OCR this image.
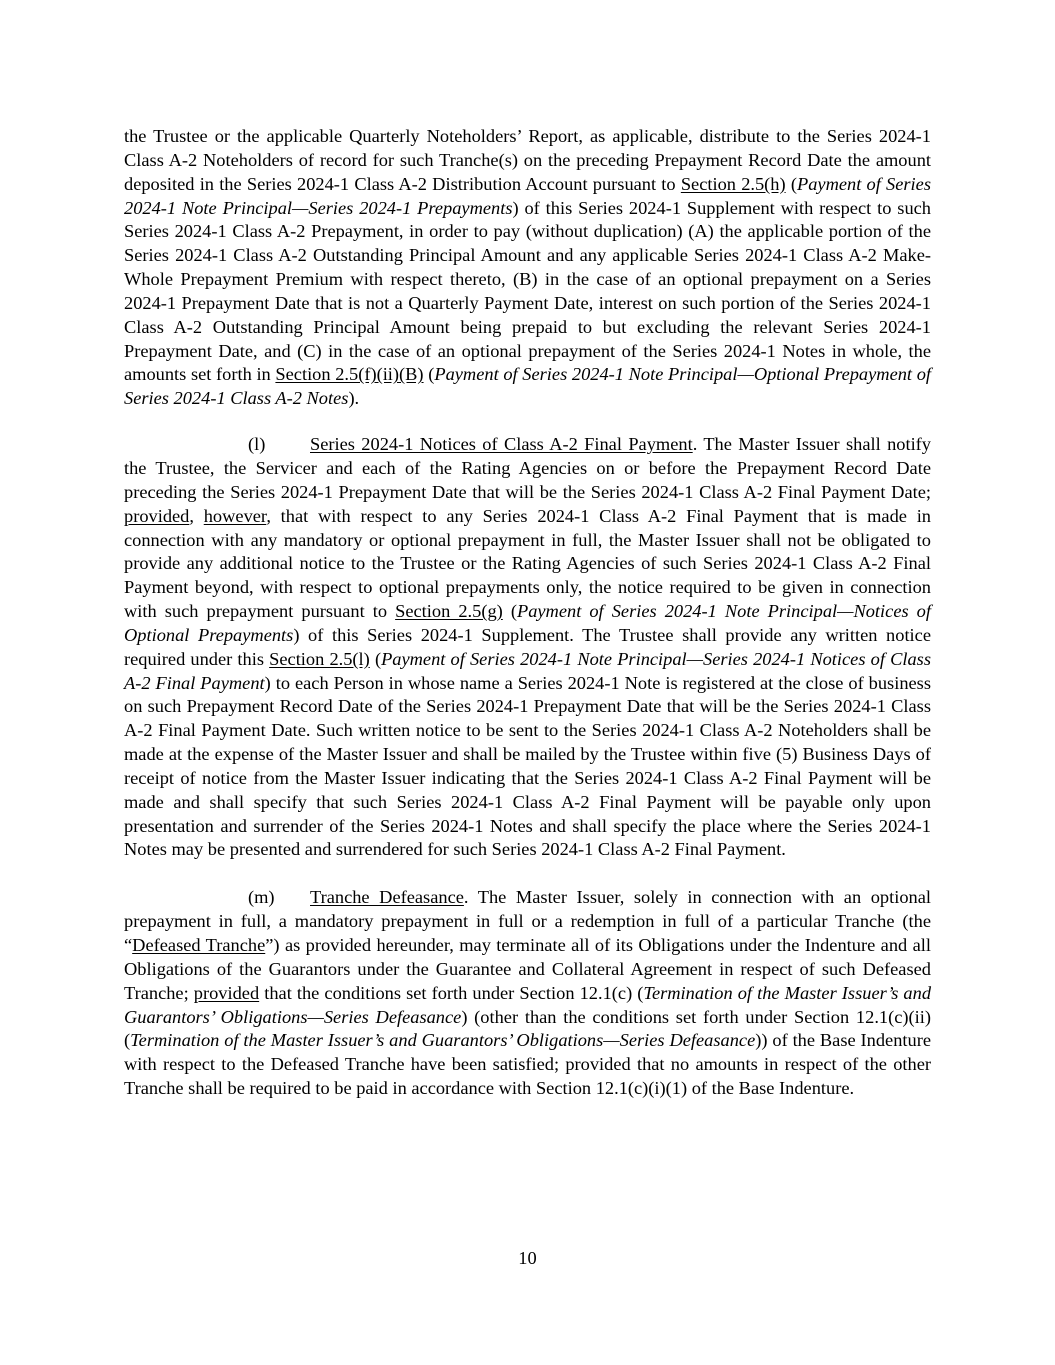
the Trustee or the applicable Quarterly Noteholders’ Report, as applicable, distribute to the Series 2024-1 Class A-2 Noteholders of record for such Tranche(s) on the preceding Prepayment Record Date the amount deposited in the Series 2024-1 Class A-2 Distribution Account pursuant to Section 2.5(h) (Payment of Series 2024-1 Note Principal—Series 2024-1 Prepayments) of this Series 2024-1 Supplement with respect to such Series 2024-1 Class A-2 Prepayment, in order to pay (without duplication) (A) the applicable portion of the Series 2024-1 Class A-2 Outstanding Principal Amount and any applicable Series 2024-1 Class A-2 Make-Whole Prepayment Premium with respect thereto, (B) in the case of an optional prepayment on a Series 2024-1 Prepayment Date that is not a Quarterly Payment Date, interest on such portion of the Series 2024-1 Class A-2 Outstanding Principal Amount being prepaid to but excluding the relevant Series 2024-1 Prepayment Date, and (C) in the case of an optional prepayment of the Series 2024-1 Notes in whole, the amounts set forth in Section 2.5(f)(ii)(B) (Payment of Series 2024-1 Note Principal—Optional Prepayment of Series 2024-1 Class A-2 Notes).

(l) Series 2024-1 Notices of Class A-2 Final Payment. The Master Issuer shall notify the Trustee, the Servicer and each of the Rating Agencies on or before the Prepayment Record Date preceding the Series 2024-1 Prepayment Date that will be the Series 2024-1 Class A-2 Final Payment Date; provided, however, that with respect to any Series 2024-1 Class A-2 Final Payment that is made in connection with any mandatory or optional prepayment in full, the Master Issuer shall not be obligated to provide any additional notice to the Trustee or the Rating Agencies of such Series 2024-1 Class A-2 Final Payment beyond, with respect to optional prepayments only, the notice required to be given in connection with such prepayment pursuant to Section 2.5(g) (Payment of Series 2024-1 Note Principal—Notices of Optional Prepayments) of this Series 2024-1 Supplement. The Trustee shall provide any written notice required under this Section 2.5(l) (Payment of Series 2024-1 Note Principal—Series 2024-1 Notices of Class A-2 Final Payment) to each Person in whose name a Series 2024-1 Note is registered at the close of business on such Prepayment Record Date of the Series 2024-1 Prepayment Date that will be the Series 2024-1 Class A-2 Final Payment Date. Such written notice to be sent to the Series 2024-1 Class A-2 Noteholders shall be made at the expense of the Master Issuer and shall be mailed by the Trustee within five (5) Business Days of receipt of notice from the Master Issuer indicating that the Series 2024-1 Class A-2 Final Payment will be made and shall specify that such Series 2024-1 Class A-2 Final Payment will be payable only upon presentation and surrender of the Series 2024-1 Notes and shall specify the place where the Series 2024-1 Notes may be presented and surrendered for such Series 2024-1 Class A-2 Final Payment.

(m) Tranche Defeasance. The Master Issuer, solely in connection with an optional prepayment in full, a mandatory prepayment in full or a redemption in full of a particular Tranche (the “Defeased Tranche”) as provided hereunder, may terminate all of its Obligations under the Indenture and all Obligations of the Guarantors under the Guarantee and Collateral Agreement in respect of such Defeased Tranche; provided that the conditions set forth under Section 12.1(c) (Termination of the Master Issuer’s and Guarantors’ Obligations—Series Defeasance) (other than the conditions set forth under Section 12.1(c)(ii) (Termination of the Master Issuer’s and Guarantors’ Obligations—Series Defeasance)) of the Base Indenture with respect to the Defeased Tranche have been satisfied; provided that no amounts in respect of the other Tranche shall be required to be paid in accordance with Section 12.1(c)(i)(1) of the Base Indenture.

10
